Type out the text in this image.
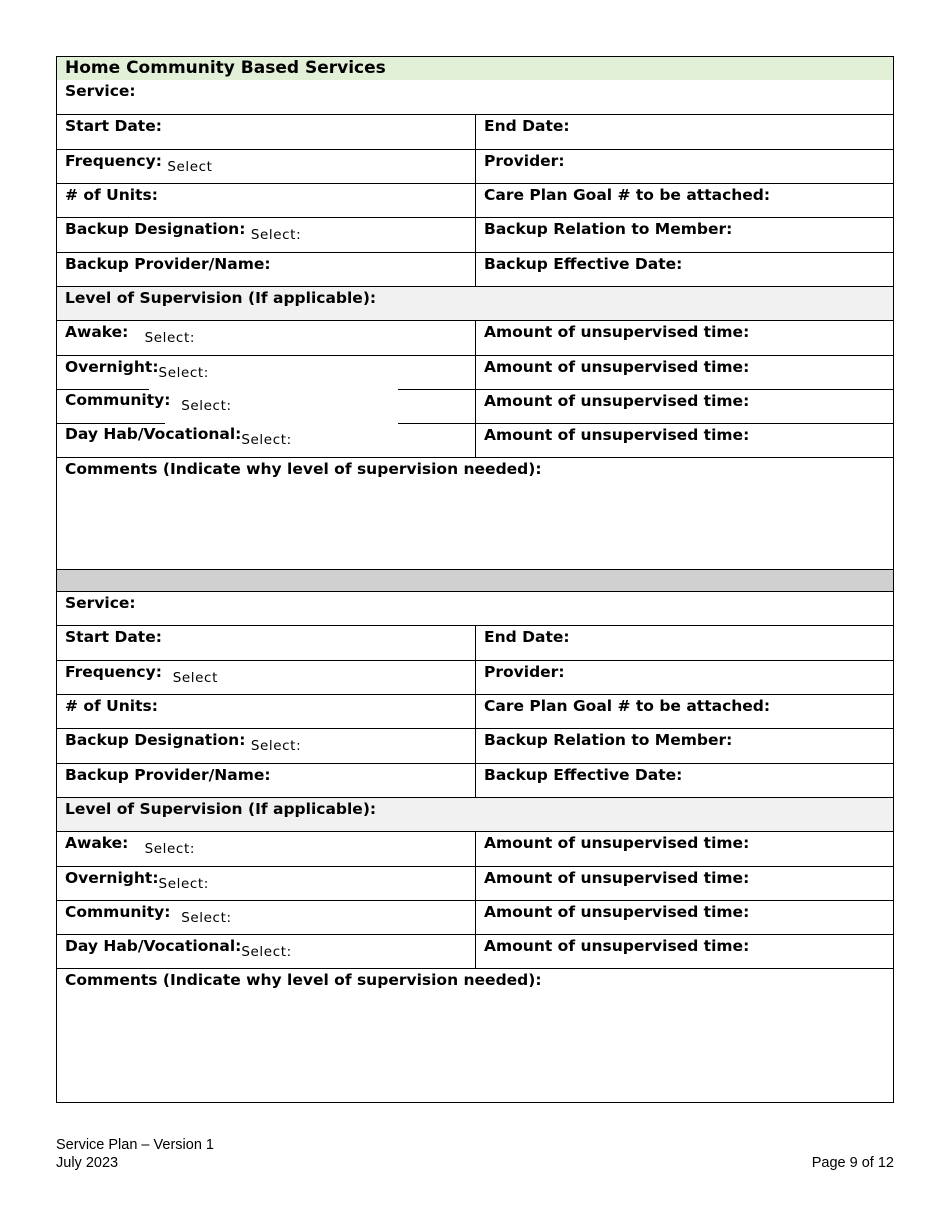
Home Community Based Services
Service:
Start Date:	End Date:
Frequency: Select	Provider:
# of Units:	Care Plan Goal # to be attached:
Backup Designation: Select:	Backup Relation to Member:
Backup Provider/Name:	Backup Effective Date:
Level of Supervision (If applicable):
Awake: Select:	Amount of unsupervised time:
Overnight:Select:	Amount of unsupervised time:
Community: Select:	Amount of unsupervised time:
Day Hab/Vocational:Select:	Amount of unsupervised time:
Comments (Indicate why level of supervision needed):
Service:
Start Date:	End Date:
Frequency: Select	Provider:
# of Units:	Care Plan Goal # to be attached:
Backup Designation: Select:	Backup Relation to Member:
Backup Provider/Name:	Backup Effective Date:
Level of Supervision (If applicable):
Awake: Select:	Amount of unsupervised time:
Overnight:Select:	Amount of unsupervised time:
Community: Select:	Amount of unsupervised time:
Day Hab/Vocational:Select:	Amount of unsupervised time:
Comments (Indicate why level of supervision needed):
Service Plan – Version 1
July 2023	Page 9 of 12
